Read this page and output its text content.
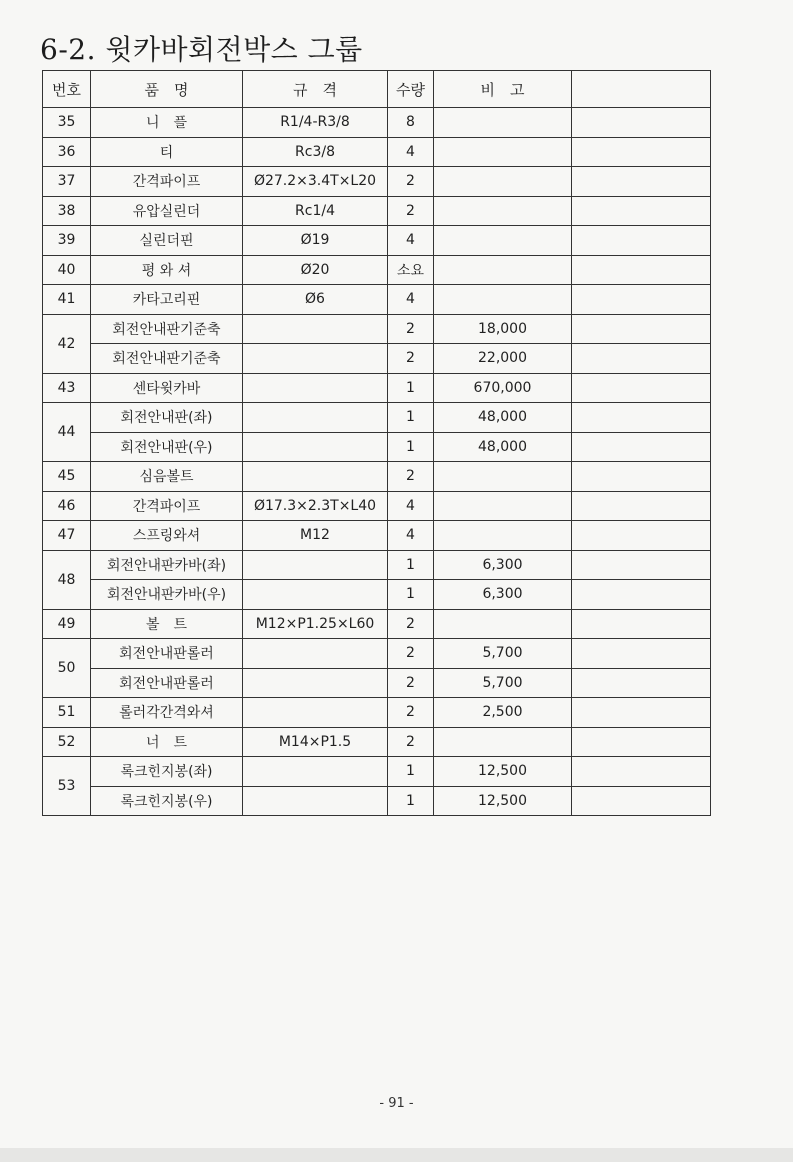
6-2. 윗카바회전박스 그룹
번호	품　명	규　격	수량	비　고	
35	니　플	R1/4-R3/8	8		
36	티	Rc3/8	4		
37	간격파이프	Ø27.2×3.4T×L20	2		
38	유압실린더	Rc1/4	2		
39	실린더핀	Ø19	4		
40	평 와 셔	Ø20	소요		
41	카타고리핀	Ø6	4		
42	회전안내판기준축		2	18,000	
	회전안내판기준축		2	22,000	
43	센타윗카바		1	670,000	
44	회전안내판(좌)		1	48,000	
	회전안내판(우)		1	48,000	
45	심음볼트		2		
46	간격파이프	Ø17.3×2.3T×L40	4		
47	스프링와셔	M12	4		
48	회전안내판카바(좌)		1	6,300	
	회전안내판카바(우)		1	6,300	
49	볼　트	M12×P1.25×L60	2		
50	회전안내판롤러		2	5,700	
	회전안내판롤러		2	5,700	
51	롤러각간격와셔		2	2,500	
52	너　트	M14×P1.5	2		
53	록크힌지봉(좌)		1	12,500	
	록크힌지봉(우)		1	12,500	
- 91 -
